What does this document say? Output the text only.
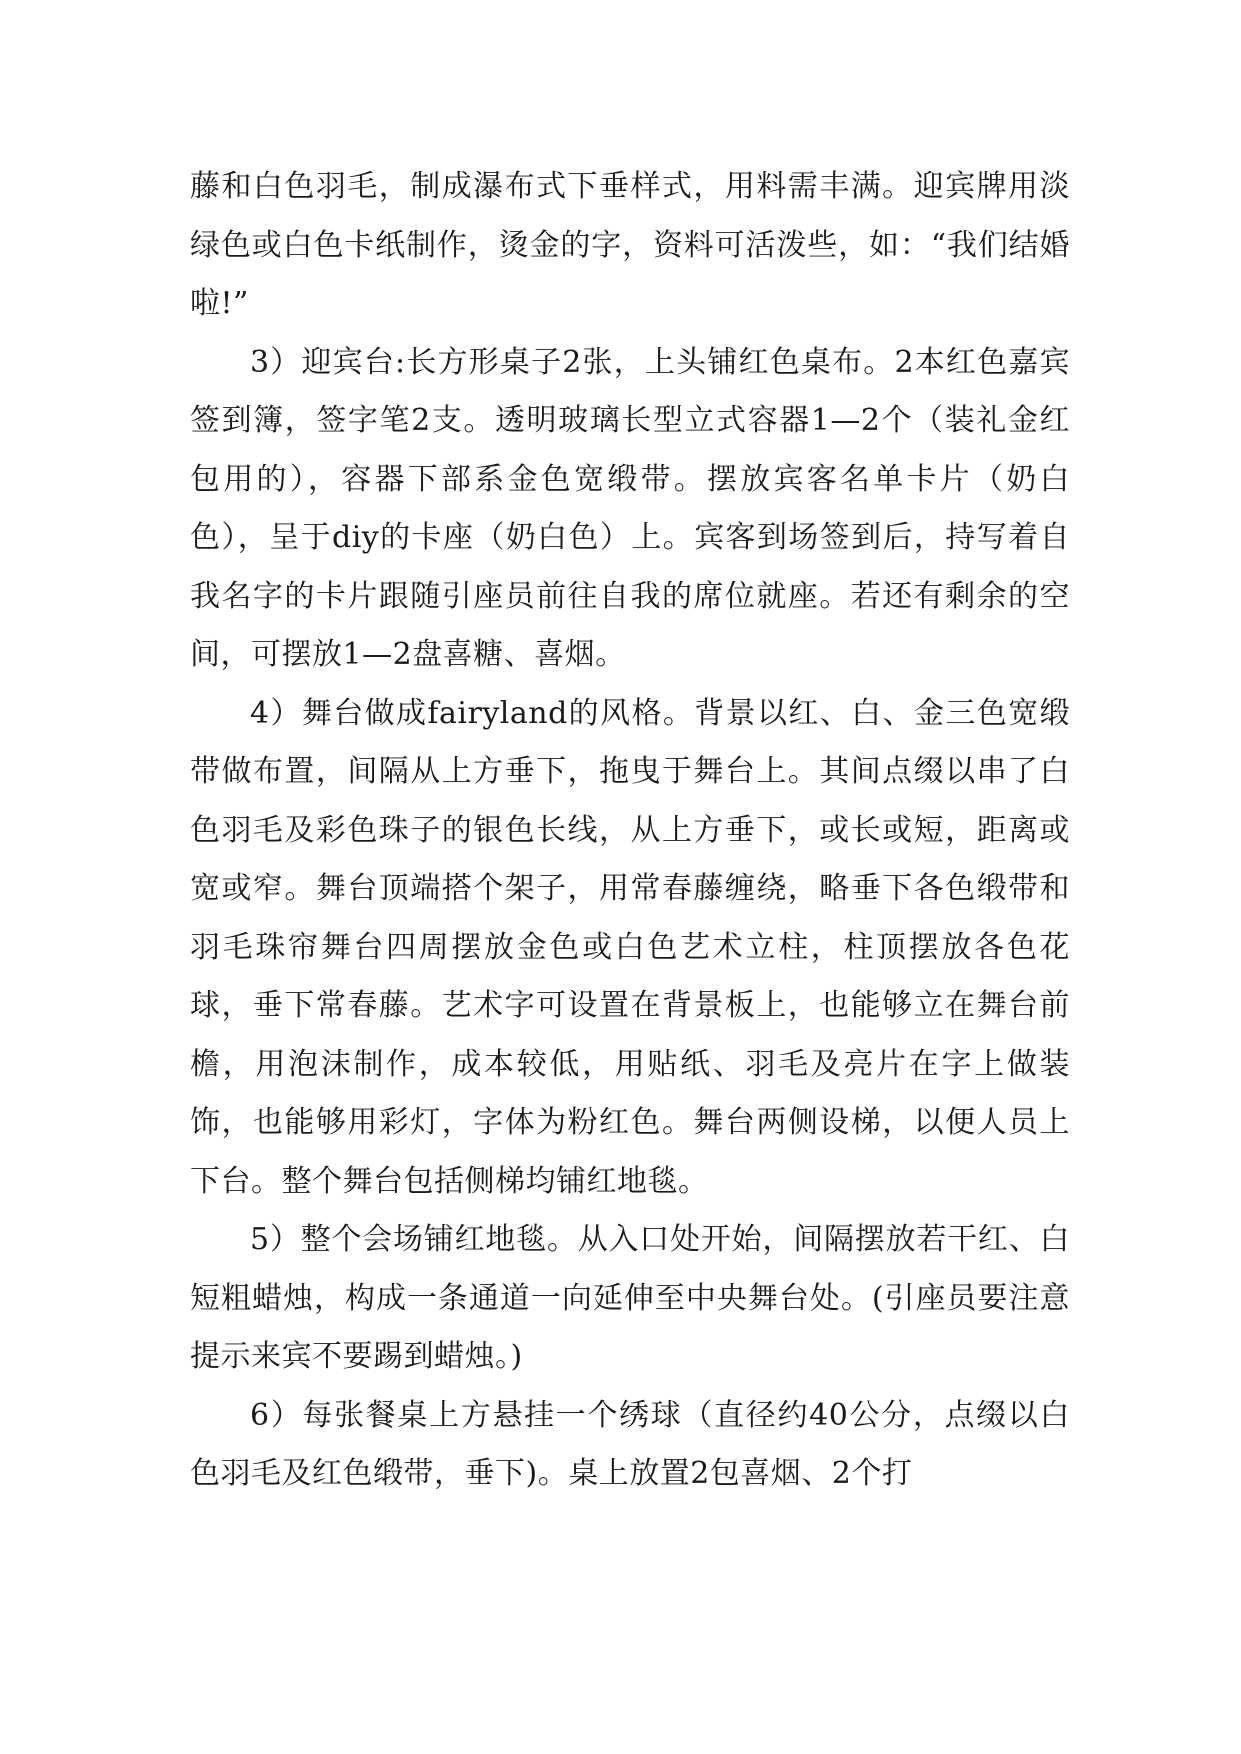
藤和白色羽毛，制成瀑布式下垂样式，用料需丰满。迎宾牌用淡绿色或白色卡纸制作，烫金的字，资料可活泼些，如：“我们结婚啦!”

3）迎宾台:长方形桌子2张，上头铺红色桌布。2本红色嘉宾签到簿，签字笔2支。透明玻璃长型立式容器1—2个（装礼金红包用的），容器下部系金色宽缎带。摆放宾客名单卡片（奶白色），呈于diy的卡座（奶白色）上。宾客到场签到后，持写着自我名字的卡片跟随引座员前往自我的席位就座。若还有剩余的空间，可摆放1—2盘喜糖、喜烟。

4）舞台做成fairyland的风格。背景以红、白、金三色宽缎带做布置，间隔从上方垂下，拖曳于舞台上。其间点缀以串了白色羽毛及彩色珠子的银色长线，从上方垂下，或长或短，距离或宽或窄。舞台顶端搭个架子，用常春藤缠绕，略垂下各色缎带和羽毛珠帘舞台四周摆放金色或白色艺术立柱，柱顶摆放各色花球，垂下常春藤。艺术字可设置在背景板上，也能够立在舞台前檐，用泡沫制作，成本较低，用贴纸、羽毛及亮片在字上做装饰，也能够用彩灯，字体为粉红色。舞台两侧设梯，以便人员上下台。整个舞台包括侧梯均铺红地毯。

5）整个会场铺红地毯。从入口处开始，间隔摆放若干红、白短粗蜡烛，构成一条通道一向延伸至中央舞台处。(引座员要注意提示来宾不要踢到蜡烛。)

6）每张餐桌上方悬挂一个绣球（直径约40公分，点缀以白色羽毛及红色缎带，垂下)。桌上放置2包喜烟、2个打
